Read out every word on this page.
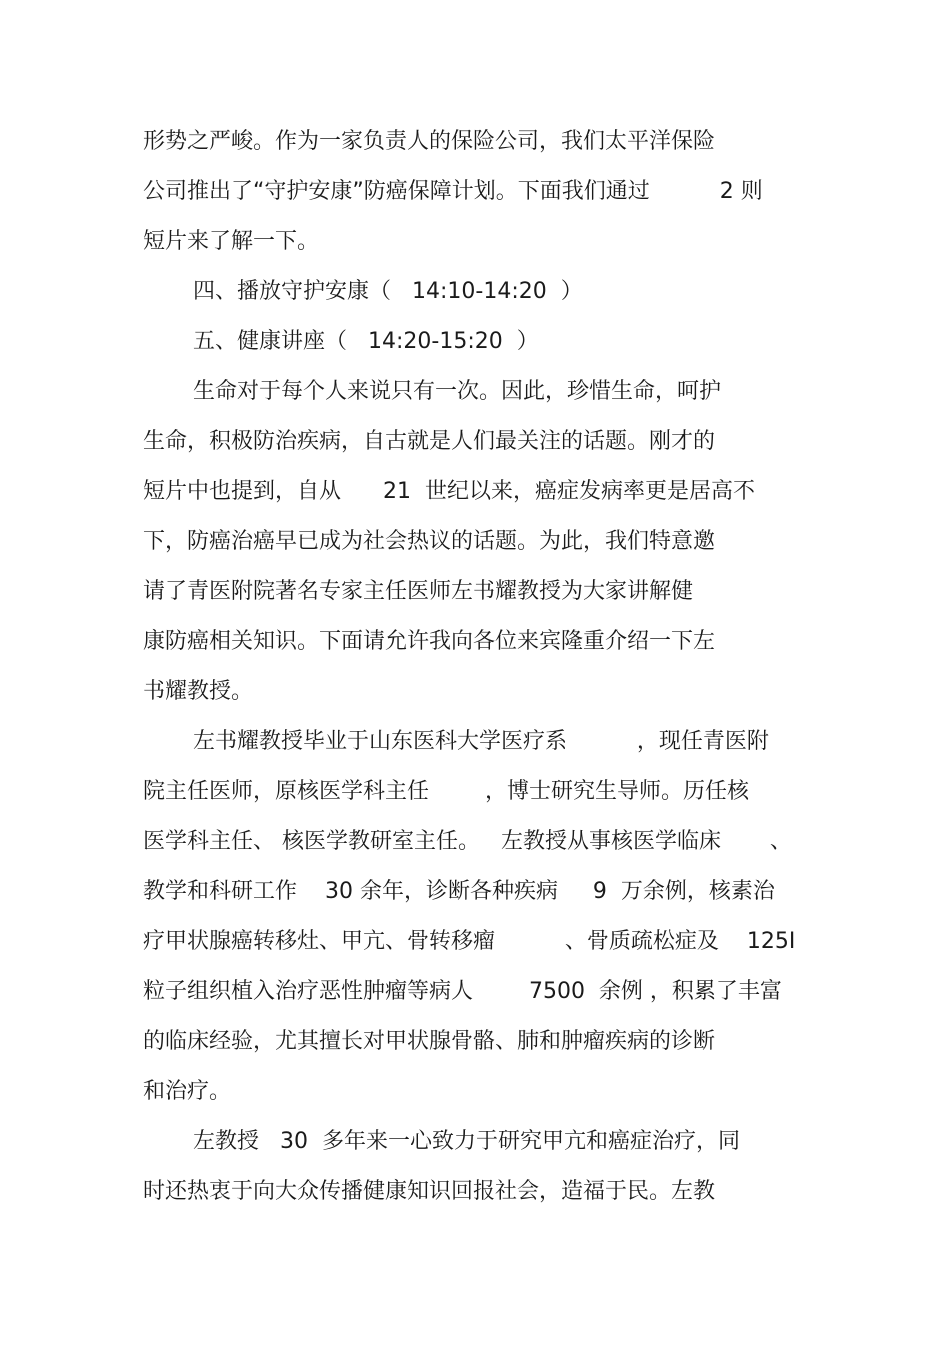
形势之严峻。作为一家负责人的保险公司，我们太平洋保险
公司推出了“守护安康”防癌保障计划。下面我们通过          2 则
短片来了解一下。
四、播放守护安康（   14:10-14:20  ）
五、健康讲座（   14:20-15:20  ）
生命对于每个人来说只有一次。因此，珍惜生命，呵护
生命，积极防治疾病，自古就是人们最关注的话题。刚才的
短片中也提到，自从      21  世纪以来，癌症发病率更是居高不
下，防癌治癌早已成为社会热议的话题。为此，我们特意邀
请了青医附院著名专家主任医师左书耀教授为大家讲解健
康防癌相关知识。下面请允许我向各位来宾隆重介绍一下左
书耀教授。
左书耀教授毕业于山东医科大学医疗系          ，现任青医附
院主任医师，原核医学科主任        ，博士研究生导师。历任核
医学科主任、 核医学教研室主任。   左教授从事核医学临床       、
教学和科研工作    30 余年，诊断各种疾病     9  万余例，核素治
疗甲状腺癌转移灶、甲亢、骨转移瘤          、骨质疏松症及    125I
粒子组织植入治疗恶性肿瘤等病人        7500  余例 ，积累了丰富
的临床经验，尤其擅长对甲状腺骨骼、肺和肿瘤疾病的诊断
和治疗。
左教授   30  多年来一心致力于研究甲亢和癌症治疗，同
时还热衷于向大众传播健康知识回报社会，造福于民。左教
